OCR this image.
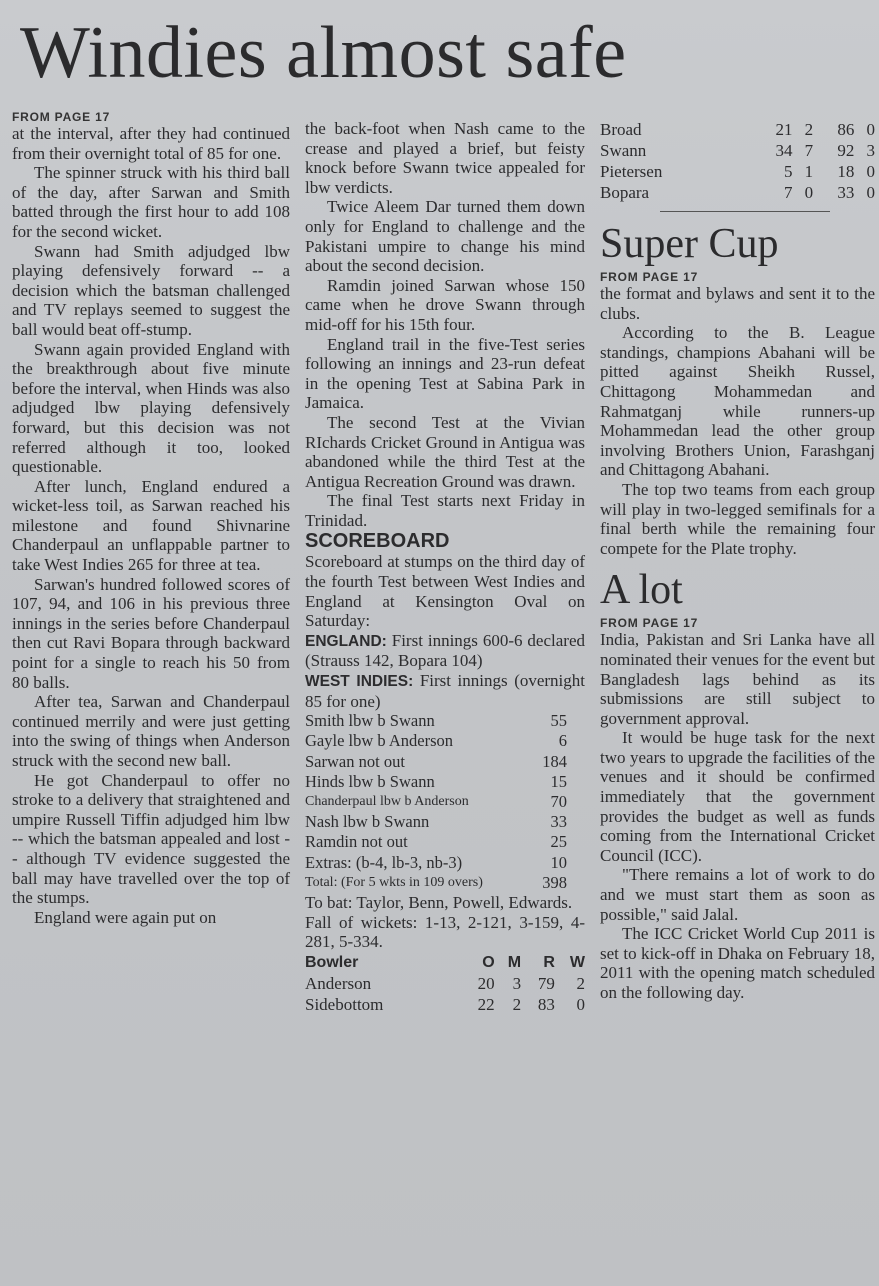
Windies almost safe

FROM PAGE 17

at the interval, after they had continued from their overnight total of 85 for one.

The spinner struck with his third ball of the day, after Sarwan and Smith batted through the first hour to add 108 for the second wicket.

Swann had Smith adjudged lbw playing defensively forward -- a decision which the batsman challenged and TV replays seemed to suggest the ball would beat off-stump.

Swann again provided England with the breakthrough about five minute before the interval, when Hinds was also adjudged lbw playing defensively forward, but this decision was not referred although it too, looked questionable.

After lunch, England endured a wicket-less toil, as Sarwan reached his milestone and found Shivnarine Chanderpaul an unflappable partner to take West Indies 265 for three at tea.

Sarwan's hundred followed scores of 107, 94, and 106 in his previous three innings in the series before Chanderpaul then cut Ravi Bopara through backward point for a single to reach his 50 from 80 balls.

After tea, Sarwan and Chanderpaul continued merrily and were just getting into the swing of things when Anderson struck with the second new ball.

He got Chanderpaul to offer no stroke to a delivery that straightened and umpire Russell Tiffin adjudged him lbw -- which the batsman appealed and lost -- although TV evidence suggested the ball may have travelled over the top of the stumps.

England were again put on

the back-foot when Nash came to the crease and played a brief, but feisty knock before Swann twice appealed for lbw verdicts.

Twice Aleem Dar turned them down only for England to challenge and the Pakistani umpire to change his mind about the second decision.

Ramdin joined Sarwan whose 150 came when he drove Swann through mid-off for his 15th four.

England trail in the five-Test series following an innings and 23-run defeat in the opening Test at Sabina Park in Jamaica.

The second Test at the Vivian RIchards Cricket Ground in Antigua was abandoned while the third Test at the Antigua Recreation Ground was drawn.

The final Test starts next Friday in Trinidad.

SCOREBOARD

Scoreboard at stumps on the third day of the fourth Test between West Indies and England at Kensington Oval on Saturday:

ENGLAND: First innings 600-6 declared (Strauss 142, Bopara 104)

WEST INDIES: First innings (overnight 85 for one)

Smith lbw b Swann	55
Gayle lbw b Anderson	6
Sarwan not out	184
Hinds lbw b Swann	15
Chanderpaul lbw b Anderson	70
Nash lbw b Swann	33
Ramdin not out	25
Extras: (b-4, lb-3, nb-3)	10
Total: (For 5 wkts in 109 overs)	398

To bat: Taylor, Benn, Powell, Edwards.

Fall of wickets: 1-13, 2-121, 3-159, 4-281, 5-334.

Bowler	O	M	R	W
Anderson	20	3	79	2
Sidebottom	22	2	83	0
Broad	21	2	86	0
Swann	34	7	92	3
Pietersen	5	1	18	0
Bopara	7	0	33	0
Super Cup

FROM PAGE 17

the format and bylaws and sent it to the clubs.

According to the B. League standings, champions Abahani will be pitted against Sheikh Russel, Chittagong Mohammedan and Rahmatganj while runners-up Mohammedan lead the other group involving Brothers Union, Farashganj and Chittagong Abahani.

The top two teams from each group will play in two-legged semifinals for a final berth while the remaining four compete for the Plate trophy.

A lot

FROM PAGE 17

India, Pakistan and Sri Lanka have all nominated their venues for the event but Bangladesh lags behind as its submissions are still subject to government approval.

It would be huge task for the next two years to upgrade the facilities of the venues and it should be confirmed immediately that the government provides the budget as well as funds coming from the International Cricket Council (ICC).

"There remains a lot of work to do and we must start them as soon as possible," said Jalal.

The ICC Cricket World Cup 2011 is set to kick-off in Dhaka on February 18, 2011 with the opening match scheduled on the following day.
